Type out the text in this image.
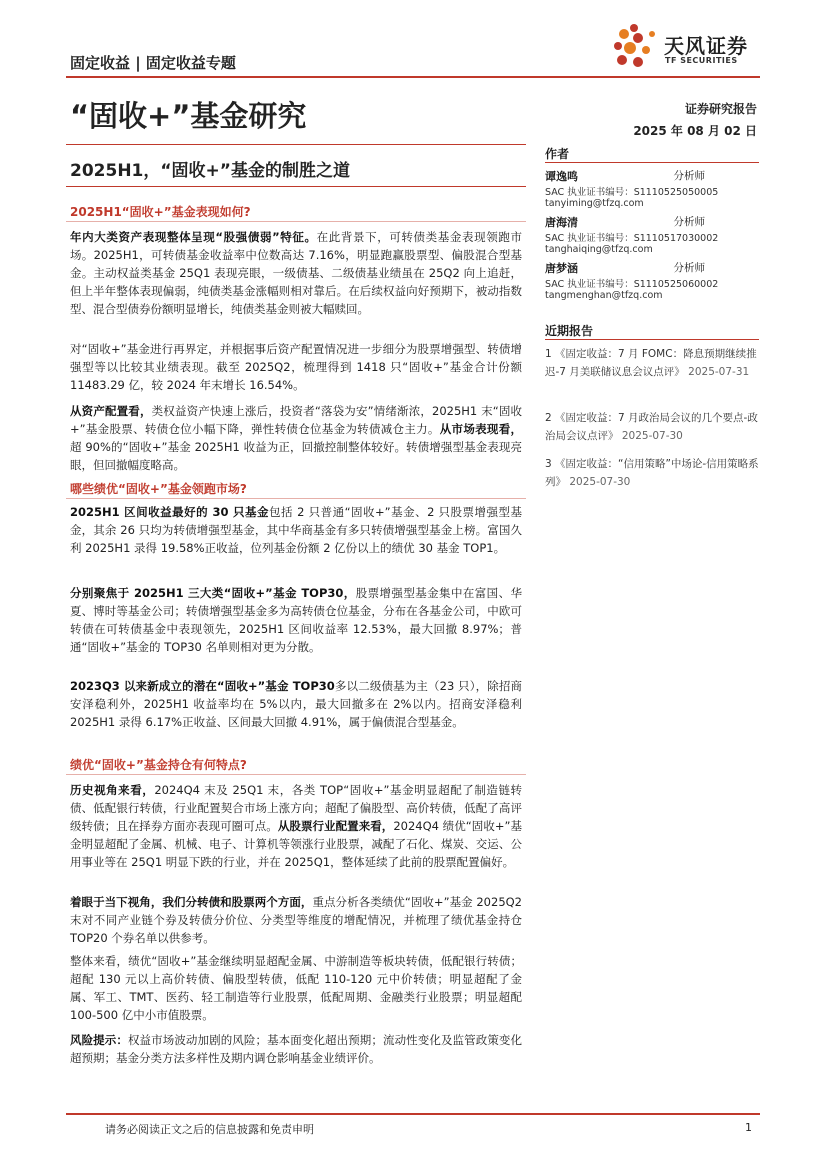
固定收益 | 固定收益专题
天风证券
TF SECURITIES
“固收+”基金研究	证券研究报告
2025 年 08 月 02 日
2025H1，“固收+”基金的制胜之道
作者
谭逸鸣	分析师
SAC 执业证书编号：S1110525050005
tanyiming@tfzq.com
唐海清	分析师
SAC 执业证书编号：S1110517030002
tanghaiqing@tfzq.com
唐梦涵	分析师
SAC 执业证书编号：S1110525060002
tangmenghan@tfzq.com
近期报告
1 《固定收益：7 月 FOMC：降息预期继续推迟-7 月美联储议息会议点评》 2025-07-31
2 《固定收益：7 月政治局会议的几个要点-政治局会议点评》 2025-07-30
3 《固定收益：“信用策略”中场论-信用策略系列》 2025-07-30
2025H1“固收+”基金表现如何?
年内大类资产表现整体呈现“股强债弱”特征。在此背景下，可转债类基金表现领跑市场。2025H1，可转债基金收益率中位数高达 7.16%，明显跑赢股票型、偏股混合型基金。主动权益类基金 25Q1 表现亮眼，一级债基、二级债基业绩虽在 25Q2 向上追赶，但上半年整体表现偏弱，纯债类基金涨幅则相对靠后。在后续权益向好预期下，被动指数型、混合型债券份额明显增长，纯债类基金则被大幅赎回。
对“固收+”基金进行再界定，并根据事后资产配置情况进一步细分为股票增强型、转债增强型等以比较其业绩表现。截至 2025Q2，梳理得到 1418 只“固收+”基金合计份额 11483.29 亿，较 2024 年末增长 16.54%。
从资产配置看，类权益资产快速上涨后，投资者“落袋为安”情绪渐浓，2025H1 末“固收+”基金股票、转债仓位小幅下降，弹性转债仓位基金为转债减仓主力。从市场表现看，超 90%的“固收+”基金 2025H1 收益为正，回撤控制整体较好。转债增强型基金表现亮眼，但回撤幅度略高。
哪些绩优“固收+”基金领跑市场?
2025H1 区间收益最好的 30 只基金包括 2 只普通“固收+”基金、2 只股票增强型基金，其余 26 只均为转债增强型基金，其中华商基金有多只转债增强型基金上榜。富国久利 2025H1 录得 19.58%正收益，位列基金份额 2 亿份以上的绩优 30 基金 TOP1。
分别聚焦于 2025H1 三大类“固收+”基金 TOP30，股票增强型基金集中在富国、华夏、博时等基金公司；转债增强型基金多为高转债仓位基金，分布在各基金公司，中欧可转债在可转债基金中表现领先，2025H1 区间收益率 12.53%，最大回撤 8.97%；普通“固收+”基金的 TOP30 名单则相对更为分散。
2023Q3 以来新成立的潜在“固收+”基金 TOP30多以二级债基为主（23 只），除招商安泽稳利外，2025H1 收益率均在 5%以内，最大回撤多在 2%以内。招商安泽稳利 2025H1 录得 6.17%正收益、区间最大回撤 4.91%，属于偏债混合型基金。
绩优“固收+”基金持仓有何特点?
历史视角来看，2024Q4 末及 25Q1 末，各类 TOP“固收+”基金明显超配了制造链转债、低配银行转债，行业配置契合市场上涨方向；超配了偏股型、高价转债，低配了高评级转债；且在择券方面亦表现可圈可点。从股票行业配置来看，2024Q4 绩优“固收+”基金明显超配了金属、机械、电子、计算机等领涨行业股票，减配了石化、煤炭、交运、公用事业等在 25Q1 明显下跌的行业，并在 2025Q1，整体延续了此前的股票配置偏好。
着眼于当下视角，我们分转债和股票两个方面，重点分析各类绩优“固收+”基金 2025Q2 末对不同产业链个券及转债分价位、分类型等维度的增配情况，并梳理了绩优基金持仓 TOP20 个券名单以供参考。
整体来看，绩优“固收+”基金继续明显超配金属、中游制造等板块转债，低配银行转债；超配 130 元以上高价转债、偏股型转债，低配 110-120 元中价转债；明显超配了金属、军工、TMT、医药、轻工制造等行业股票，低配周期、金融类行业股票；明显超配 100-500 亿中小市值股票。
风险提示：权益市场波动加剧的风险；基本面变化超出预期；流动性变化及监管政策变化超预期；基金分类方法多样性及期内调仓影响基金业绩评价。
请务必阅读正文之后的信息披露和免责申明	1
